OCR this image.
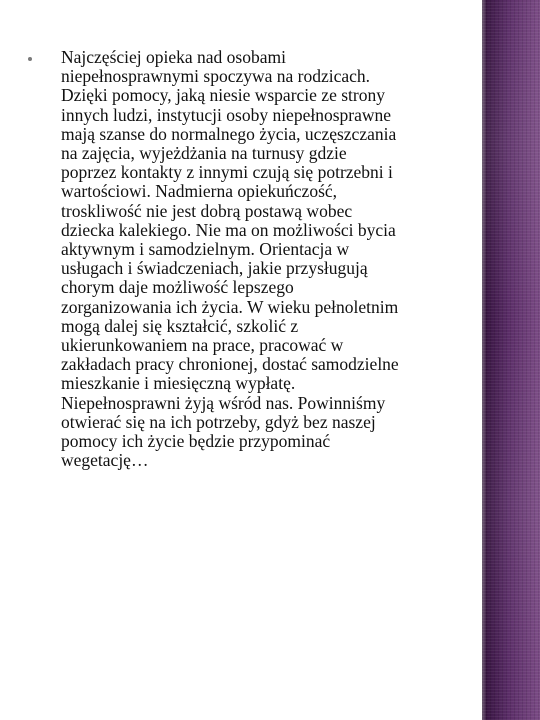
Najczęściej opieka nad osobami
niepełnosprawnymi spoczywa na rodzicach.
Dzięki pomocy, jaką niesie wsparcie ze strony
innych ludzi, instytucji osoby niepełnosprawne
mają szanse do normalnego życia, uczęszczania
na zajęcia, wyjeżdżania na turnusy gdzie
poprzez kontakty z innymi czują się potrzebni i
wartościowi. Nadmierna opiekuńczość,
troskliwość nie jest dobrą postawą wobec
dziecka kalekiego. Nie ma on możliwości bycia
aktywnym i samodzielnym. Orientacja w
usługach i świadczeniach, jakie przysługują
chorym daje możliwość lepszego
zorganizowania ich życia. W wieku pełnoletnim
mogą dalej się kształcić, szkolić z
ukierunkowaniem na prace, pracować w
zakładach pracy chronionej, dostać samodzielne
mieszkanie i miesięczną wypłatę.
Niepełnosprawni żyją wśród nas. Powinniśmy
otwierać się na ich potrzeby, gdyż bez naszej
pomocy ich życie będzie przypominać
wegetację…
